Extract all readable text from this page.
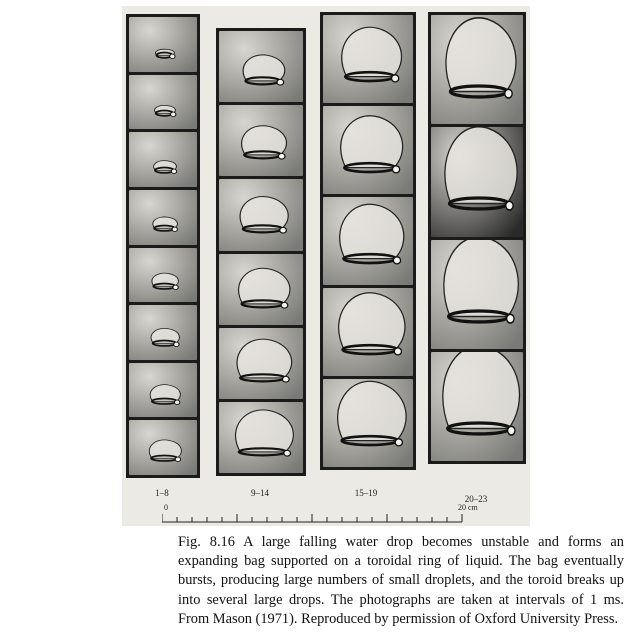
1–8	9–14	15–19
20–23
0	20 cm

Fig. 8.16 A large falling water drop becomes unstable and forms an expanding bag supported on a toroidal ring of liquid. The bag eventually bursts, producing large numbers of small droplets, and the toroid breaks up into several large drops. The photographs are taken at intervals of 1 ms. From Mason (1971). Reproduced by permission of Oxford University Press.
